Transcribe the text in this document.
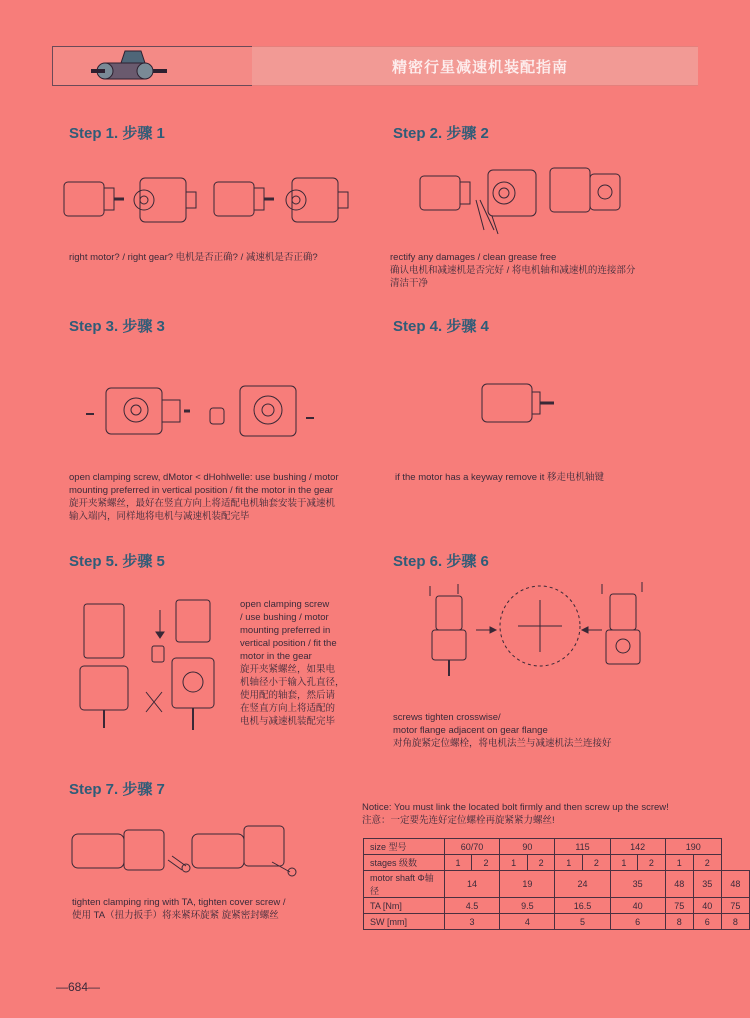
精密行星减速机装配指南
Step 1. 步骤 1
right motor? / right gear? 电机是否正确? / 减速机是否正确?
Step 2. 步骤 2
rectify any damages / clean grease free
确认电机和减速机是否完好 / 将电机轴和减速机的连接部分
清洁干净
Step 3. 步骤 3
open clamping screw, dMotor < dHohlwelle: use bushing / motor
mounting preferred in vertical position / fit the motor in the gear
旋开夹紧螺丝，最好在竖直方向上将适配电机轴套安装于减速机
输入端内，同样地将电机与减速机装配完毕
Step 4. 步骤 4
if the motor has a keyway remove it 移走电机轴键
Step 5. 步骤 5
open clamping screw
/ use bushing / motor
mounting preferred in
vertical position / fit the
motor in the gear
旋开夹紧螺丝，如果电
机轴径小于输入孔直径，
使用配的轴套，然后请
在竖直方向上将适配的
电机与减速机装配完毕
Step 6. 步骤 6
screws tighten crosswise/
motor flange adjacent on gear flange
对角旋紧定位螺栓，将电机法兰与减速机法兰连接好
Step 7. 步骤 7
tighten clamping ring with TA, tighten cover screw /
使用 TA（扭力扳手）将来紧环旋紧 旋紧密封螺丝
Notice: You must link the located bolt firmly and then screw up the screw!
注意：一定要先连好定位螺栓再旋紧紧力螺丝!
size 型号	60/70		90		115		142		190		
stages 级数	1	2	1	2	1	2	1	2	1	2	
motor shaft Φ轴径	14		19		24		35		48	35	48
TA [Nm]	4.5		9.5		16.5		40		75	40	75
SW [mm]	3		4		5		6		8	6	8
—684—
